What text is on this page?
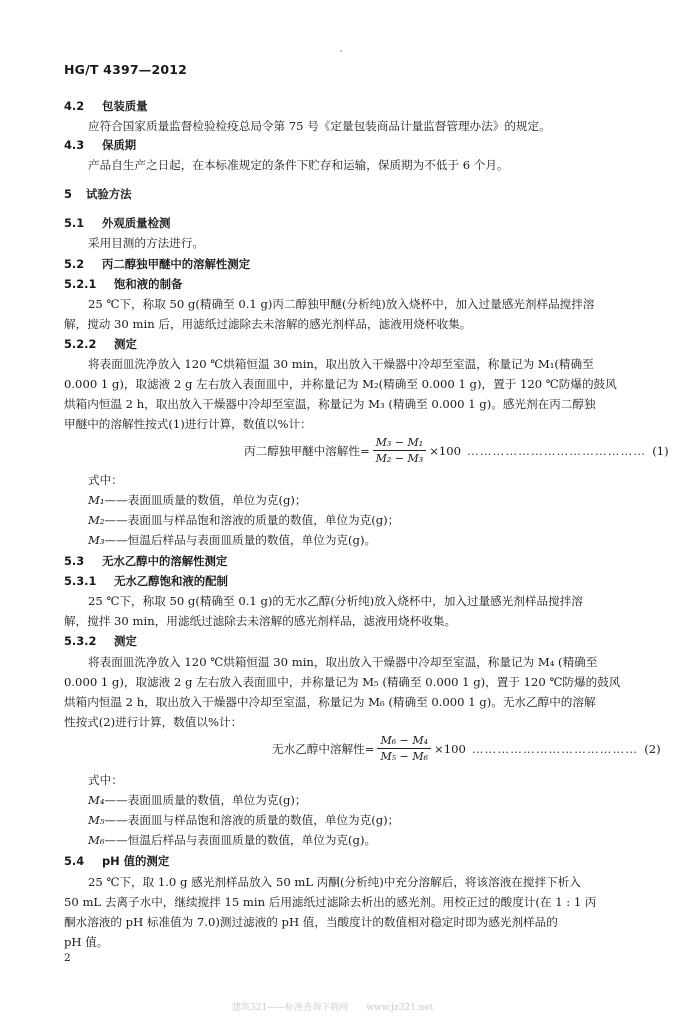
HG/T 4397—2012
4.2 包装质量
应符合国家质量监督检验检疫总局令第 75 号《定量包装商品计量监督管理办法》的规定。
4.3 保质期
产品自生产之日起，在本标准规定的条件下贮存和运输，保质期为不低于 6 个月。
5 试验方法
5.1 外观质量检测
采用目测的方法进行。
5.2 丙二醇独甲醚中的溶解性测定
5.2.1 饱和液的制备
25 ℃下，称取 50 g(精确至 0.1 g)丙二醇独甲醚(分析纯)放入烧杯中，加入过量感光剂样品搅拌溶
解，搅动 30 min 后，用滤纸过滤除去未溶解的感光剂样品，滤液用烧杯收集。
5.2.2 测定
将表面皿洗净放入 120 ℃烘箱恒温 30 min，取出放入干燥器中冷却至室温，称量记为 M₁(精确至
0.000 1 g)，取滤液 2 g 左右放入表面皿中，并称量记为 M₂(精确至 0.000 1 g)，置于 120 ℃防爆的鼓风
烘箱内恒温 2 h，取出放入干燥器中冷却至室温，称量记为 M₃ (精确至 0.000 1 g)。感光剂在丙二醇独
甲醚中的溶解性按式(1)进行计算，数值以%计：
丙二醇独甲醚中溶解性= $\frac{\text{M₃ − M₁}}{\text{M₂ − M₃}} \times 100$ …………………………………… (1)
式中：
M₁——表面皿质量的数值，单位为克(g)；
M₂——表面皿与样品饱和溶液的质量的数值，单位为克(g)；
M₃——恒温后样品与表面皿质量的数值，单位为克(g)。
5.3 无水乙醇中的溶解性测定
5.3.1 无水乙醇饱和液的配制
25 ℃下，称取 50 g(精确至 0.1 g)的无水乙醇(分析纯)放入烧杯中，加入过量感光剂样品搅拌溶
解，搅拌 30 min，用滤纸过滤除去未溶解的感光剂样品，滤液用烧杯收集。
5.3.2 测定
将表面皿洗净放入 120 ℃烘箱恒温 30 min，取出放入干燥器中冷却至室温，称量记为 M₄ (精确至
0.000 1 g)，取滤液 2 g 左右放入表面皿中，并称量记为 M₅ (精确至 0.000 1 g)，置于 120 ℃防爆的鼓风
烘箱内恒温 2 h，取出放入干燥器中冷却至室温，称量记为 M₆ (精确至 0.000 1 g)。无水乙醇中的溶解
性按式(2)进行计算，数值以%计：
无水乙醇中溶解性= $\frac{\text{M₆ − M₄}}{\text{M₅ − M₆}} \times 100$ ………………………………… (2)
式中：
M₄——表面皿质量的数值，单位为克(g)；
M₅——表面皿与样品饱和溶液的质量的数值，单位为克(g)；
M₆——恒温后样品与表面皿质量的数值，单位为克(g)。
5.4 pH 值的测定
25 ℃下，取 1.0 g 感光剂样品放入 50 mL 丙酮(分析纯)中充分溶解后，将该溶液在搅拌下析入
50 mL 去离子水中，继续搅拌 15 min 后用滤纸过滤除去析出的感光剂。用校正过的酸度计(在 1 : 1 丙
酮水溶液的 pH 标准值为 7.0)测过滤液的 pH 值，当酸度计的数值相对稳定时即为感光剂样品的
pH 值。
2
建筑321——标准查询下载网　　www.jz321.net
